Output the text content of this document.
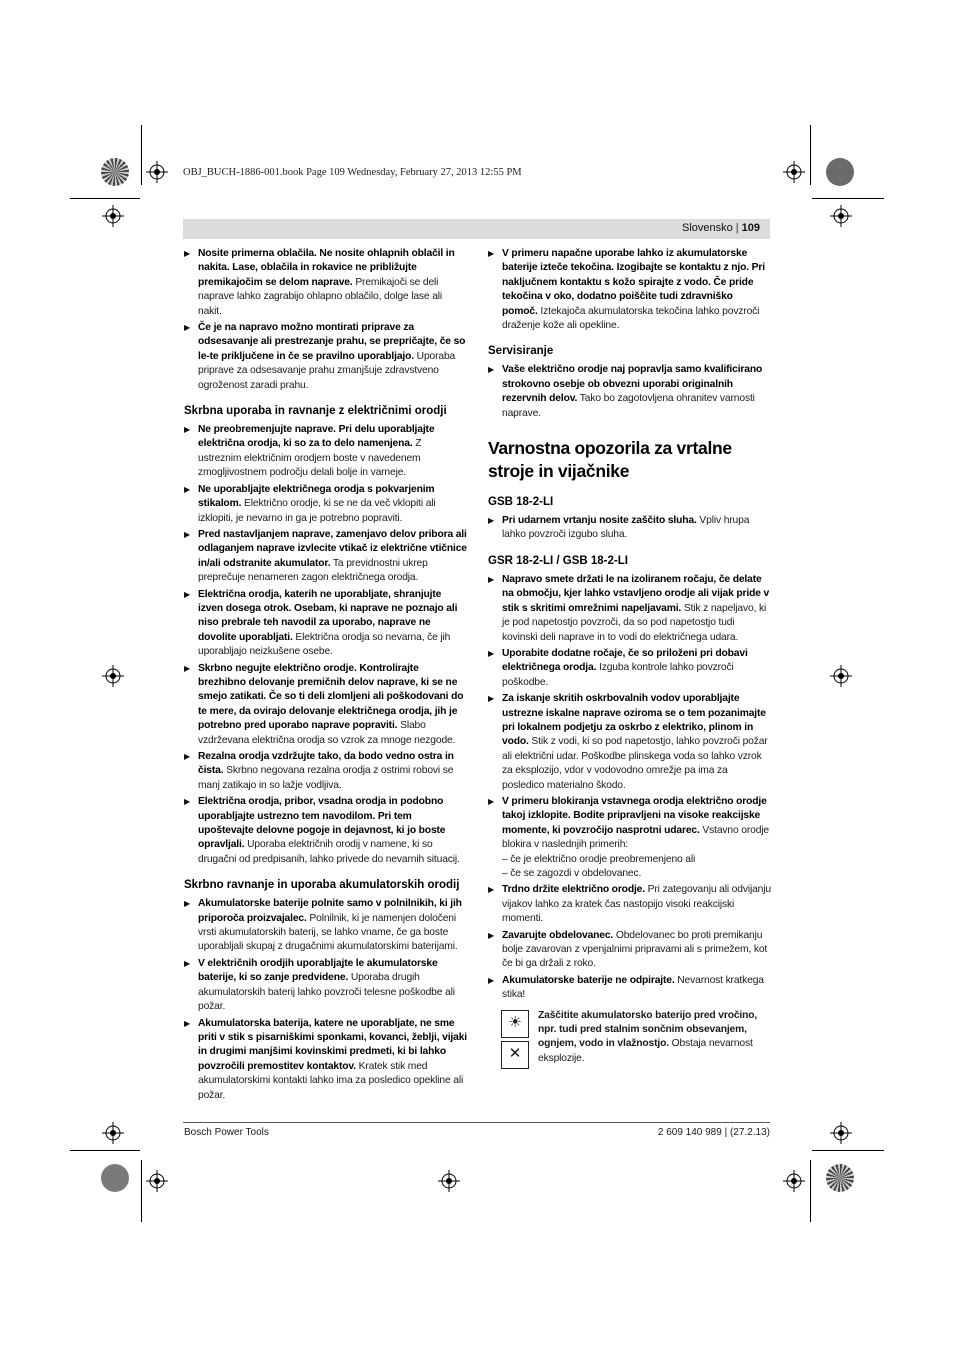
OBJ_BUCH-1886-001.book Page 109 Wednesday, February 27, 2013 12:55 PM
Slovensko | 109
▶ Nosite primerna oblačila. Ne nosite ohlapnih oblačil in nakita. Lase, oblačila in rokavice ne približujte premikajočim se delom naprave. Premikajoči se deli naprave lahko zagrabijo ohlapno oblačilo, dolge lase ali nakit.
▶ Če je na napravo možno montirati priprave za odsesavanje ali prestrezanje prahu, se prepričajte, če so le-te priključene in če se pravilno uporabljajo. Uporaba priprave za odsesavanje prahu zmanjšuje zdravstveno ogroženost zaradi prahu.
Skrbna uporaba in ravnanje z električnimi orodji
▶ Ne preobremenjujte naprave. Pri delu uporabljajte električna orodja, ki so za to delo namenjena. Z ustreznim električnim orodjem boste v navedenem zmogljivostnem področju delali bolje in varneje.
▶ Ne uporabljajte električnega orodja s pokvarjenim stikalom. Električno orodje, ki se ne da več vklopiti ali izklopiti, je nevarno in ga je potrebno popraviti.
▶ Pred nastavljanjem naprave, zamenjavo delov pribora ali odlaganjem naprave izvlecite vtikač iz električne vtičnice in/ali odstranite akumulator. Ta previdnostni ukrep preprečuje nenameren zagon električnega orodja.
▶ Električna orodja, katerih ne uporabljate, shranjujte izven dosega otrok. Osebam, ki naprave ne poznajo ali niso prebrale teh navodil za uporabo, naprave ne dovolite uporabljati. Električna orodja so nevarna, če jih uporabljajo neizkušene osebe.
▶ Skrbno negujte električno orodje. Kontrolirajte brezhibno delovanje premičnih delov naprave, ki se ne smejo zatikati. Če so ti deli zlomljeni ali poškodovani do te mere, da ovirajo delovanje električnega orodja, jih je potrebno pred uporabo naprave popraviti. Slabo vzdrževana električna orodja so vzrok za mnoge nezgode.
▶ Rezalna orodja vzdržujte tako, da bodo vedno ostra in čista. Skrbno negovana rezalna orodja z ostrimi robovi se manj zatikajo in so lažje vodljiva.
▶ Električna orodja, pribor, vsadna orodja in podobno uporabljajte ustrezno tem navodilom. Pri tem upoštevajte delovne pogoje in dejavnost, ki jo boste opravljali. Uporaba električnih orodij v namene, ki so drugačni od predpisanih, lahko privede do nevarnih situacij.
Skrbno ravnanje in uporaba akumulatorskih orodij
▶ Akumulatorske baterije polnite samo v polnilnikih, ki jih priporoča proizvajalec. Polnilnik, ki je namenjen določeni vrsti akumulatorskih baterij, se lahko vname, če ga boste uporabljali skupaj z drugačnimi akumulatorskimi baterijami.
▶ V električnih orodjih uporabljajte le akumulatorske baterije, ki so zanje predvidene. Uporaba drugih akumulatorskih baterij lahko povzroči telesne poškodbe ali požar.
▶ Akumulatorska baterija, katere ne uporabljate, ne sme priti v stik s pisarniškimi sponkami, kovanci, žeblji, vijaki in drugimi manjšimi kovinskimi predmeti, ki bi lahko povzročili premostitev kontaktov. Kratek stik med akumulatorskimi kontakti lahko ima za posledico opekline ali požar.
▶ V primeru napačne uporabe lahko iz akumulatorske baterije izteče tekočina. Izogibajte se kontaktu z njo. Pri naključnem kontaktu s kožo spirajte z vodo. Če pride tekočina v oko, dodatno poiščite tudi zdravniško pomoč. Iztekajoča akumulatorska tekočina lahko povzroči draženje kože ali opekline.
Servisiranje
▶ Vaše električno orodje naj popravlja samo kvalificirano strokovno osebje ob obvezni uporabi originalnih rezervnih delov. Tako bo zagotovljena ohranitev varnosti naprave.
Varnostna opozorila za vrtalne stroje in vijačnike
GSB 18-2-LI
▶ Pri udarnem vrtanju nosite zaščito sluha. Vpliv hrupa lahko povzroči izgubo sluha.
GSR 18-2-LI / GSB 18-2-LI
▶ Napravo smete držati le na izoliranem ročaju, če delate na območju, kjer lahko vstavljeno orodje ali vijak pride v stik s skritimi omrežnimi napeljavami. Stik z napeljavo, ki je pod napetostjo povzroči, da so pod napetostjo tudi kovinski deli naprave in to vodi do električnega udara.
▶ Uporabite dodatne ročaje, če so priloženi pri dobavi električnega orodja. Izguba kontrole lahko povzroči poškodbe.
▶ Za iskanje skritih oskrbovalnih vodov uporabljajte ustrezne iskalne naprave oziroma se o tem pozanimajte pri lokalnem podjetju za oskrbo z elektriko, plinom in vodo. Stik z vodi, ki so pod napetostjo, lahko povzroči požar ali električni udar. Poškodbe plinskega voda so lahko vzrok za eksplozijo, vdor v vodovodno omrežje pa ima za posledico materialno škodo.
▶ V primeru blokiranja vstavnega orodja električno orodje takoj izklopite. Bodite pripravljeni na visoke reakcijske momente, ki povzročijo nasprotni udarec. Vstavno orodje blokira v naslednjih primerih:
– če je električno orodje preobremenjeno ali
– če se zagozdi v obdelovanec.
▶ Trdno držite električno orodje. Pri zategovanju ali odvijanju vijakov lahko za kratek čas nastopijo visoki reakcijski momenti.
▶ Zavarujte obdelovanec. Obdelovanec bo proti premikanju bolje zavarovan z vpenjalnimi pripravami ali s primežem, kot če bi ga držali z roko.
▶ Akumulatorske baterije ne odpirajte. Nevarnost kratkega stika!
☀
✕
Zaščitite akumulatorsko baterijo pred vročino, npr. tudi pred stalnim sončnim obsevanjem, ognjem, vodo in vlažnostjo. Obstaja nevarnost eksplozije.
Bosch Power Tools	2 609 140 989 | (27.2.13)
